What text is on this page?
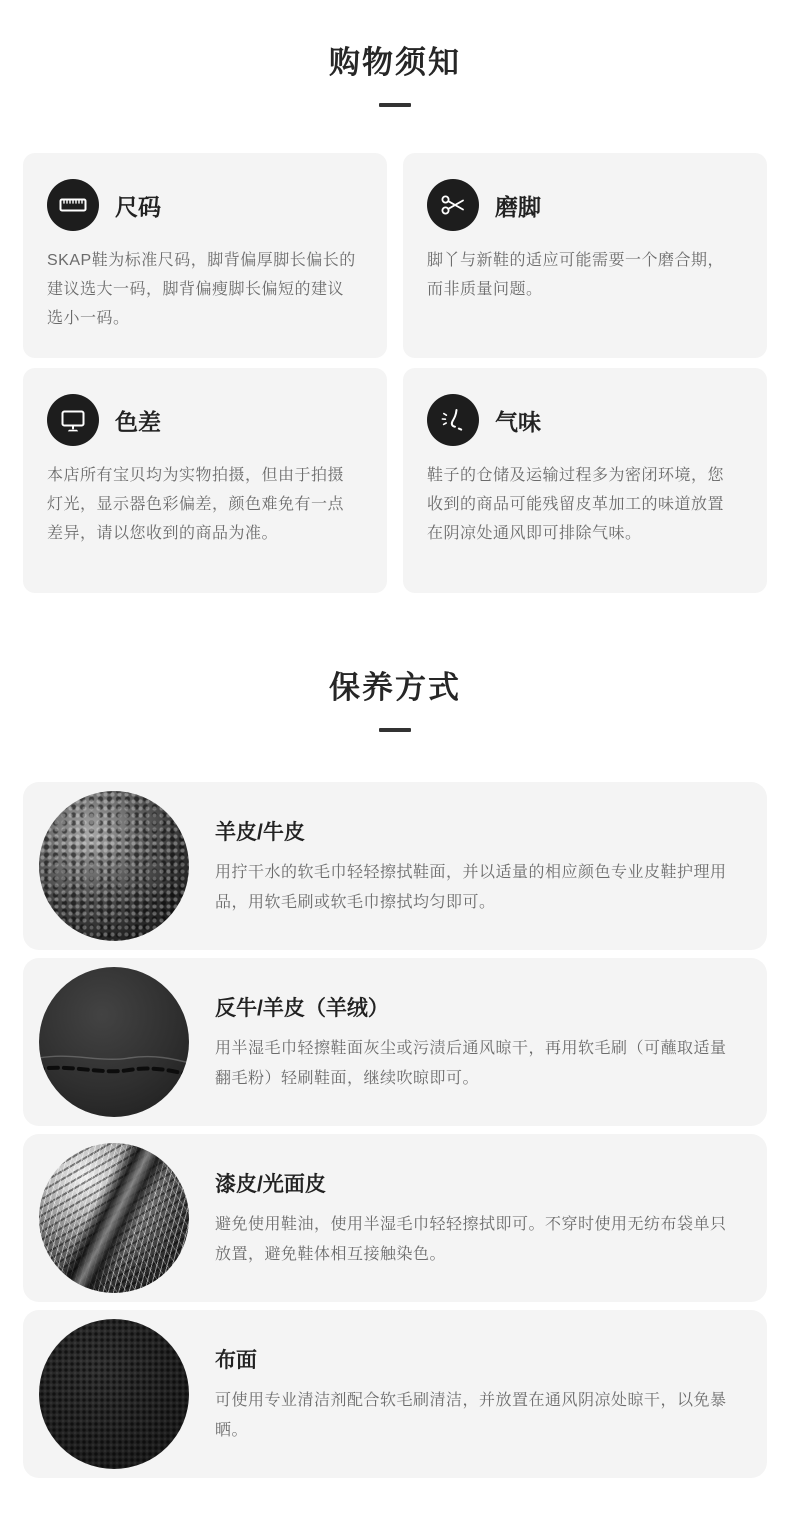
购物须知
尺码
SKAP鞋为标准尺码，脚背偏厚脚长偏长的建议选大一码，脚背偏瘦脚长偏短的建议选小一码。
磨脚
脚丫与新鞋的适应可能需要一个磨合期，而非质量问题。
色差
本店所有宝贝均为实物拍摄，但由于拍摄灯光，显示器色彩偏差，颜色难免有一点差异，请以您收到的商品为准。
气味
鞋子的仓储及运输过程多为密闭环境，您收到的商品可能残留皮革加工的味道放置在阴凉处通风即可排除气味。
保养方式
羊皮/牛皮
用拧干水的软毛巾轻轻擦拭鞋面，并以适量的相应颜色专业皮鞋护理用品，用软毛刷或软毛巾擦拭均匀即可。
反牛/羊皮（羊绒）
用半湿毛巾轻擦鞋面灰尘或污渍后通风晾干，再用软毛刷（可蘸取适量翻毛粉）轻刷鞋面，继续吹晾即可。
漆皮/光面皮
避免使用鞋油，使用半湿毛巾轻轻擦拭即可。不穿时使用无纺布袋单只放置，避免鞋体相互接触染色。
布面
可使用专业清洁剂配合软毛刷清洁，并放置在通风阴凉处晾干，以免暴晒。
